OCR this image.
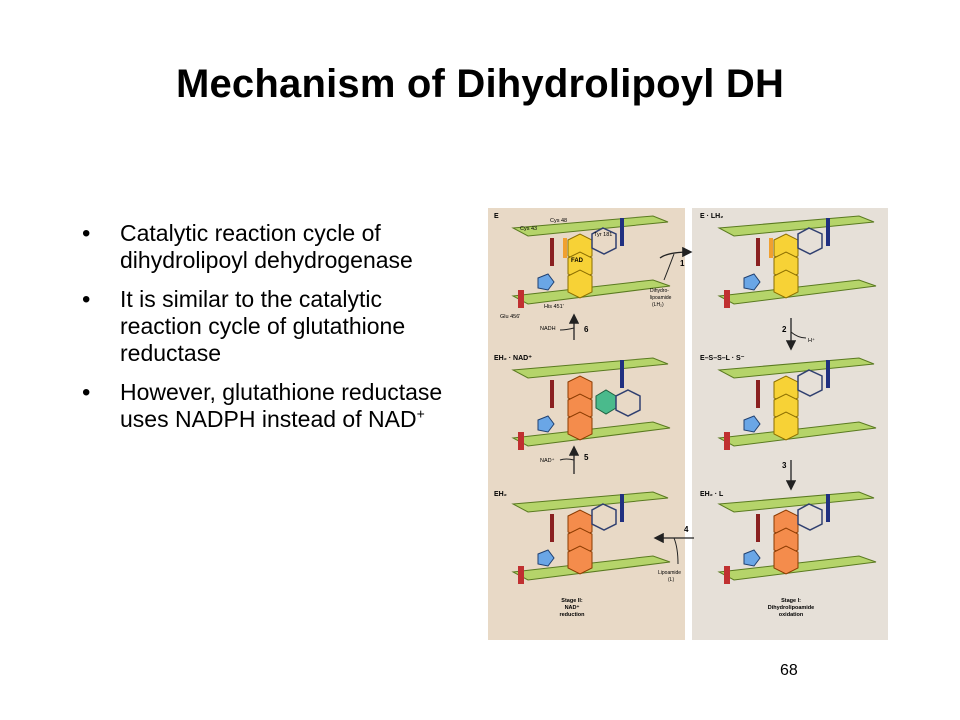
Mechanism of Dihydrolipoyl DH
• Catalytic reaction cycle of dihydrolipoyl dehydrogenase
• It is similar to the catalytic reaction cycle of glutathione reductase
• However, glutathione reductase uses NADPH instead of NAD+
E	E · LH₂
EH₂ · NAD⁺	E–S–S–L · S⁻
EH₂	EH₂ · L
Cys 43
Cys 48
Tyr 181
His 451'
Glu 456'
FAD	1
2
3
4
5
6
NADH
NAD⁺
H⁺
Dihydro-
lipoamide
(LH₂)
Lipoamide
(L)
Stage II:
NAD⁺
reduction
Stage I:
Dihydrolipoamide
oxidation
68
